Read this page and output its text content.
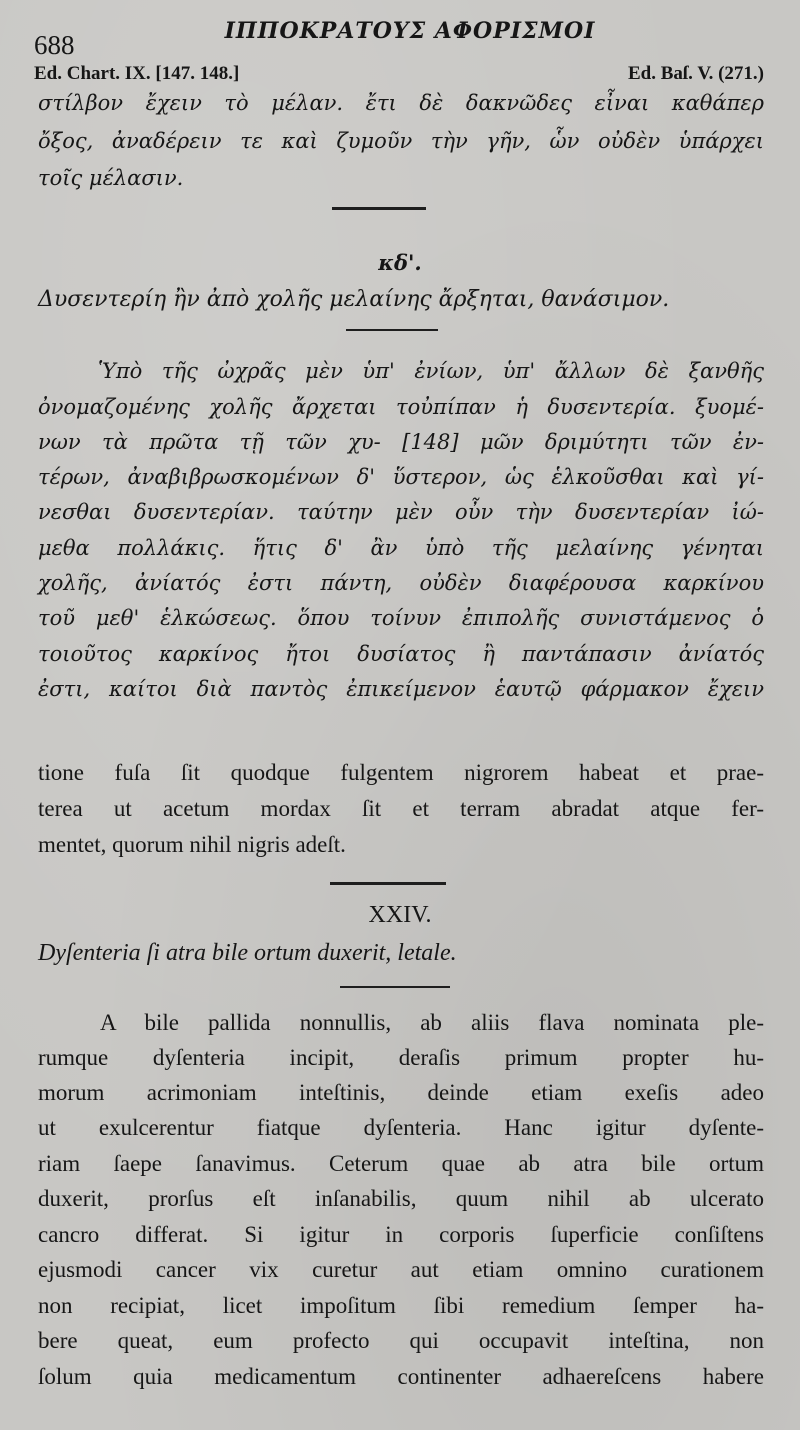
688	ΙΠΠΟΚΡΑΤΟΥΣ ΑΦΟΡΙΣΜΟΙ
Ed. Chart. IX. [147. 148.]	Ed. Baſ. V. (271.)
στίλβον ἔχειν τὸ μέλαν. ἔτι δὲ δακνῶδες εἶναι καθάπερ
ὄξος, ἀναδέρειν τε καὶ ζυμοῦν τὴν γῆν, ὧν οὐδὲν ὑπάρχει
τοῖς μέλασιν.
κδ'.
Δυσεντερίη ἢν ἀπὸ χολῆς μελαίνης ἄρξηται, θανάσιμον.
Ὑπὸ τῆς ὠχρᾶς μὲν ὑπ' ἐνίων, ὑπ' ἄλλων δὲ ξανθῆς
ὀνομαζομένης χολῆς ἄρχεται τοὐπίπαν ἡ δυσεντερία. ξυομέ-
νων τὰ πρῶτα τῇ τῶν χυ- [148] μῶν δριμύτητι τῶν ἐν-
τέρων, ἀναβιβρωσκομένων δ' ὕστερον, ὡς ἑλκοῦσθαι καὶ γί-
νεσθαι δυσεντερίαν. ταύτην μὲν οὖν τὴν δυσεντερίαν ἰώ-
μεθα πολλάκις. ἥτις δ' ἂν ὑπὸ τῆς μελαίνης γένηται
χολῆς, ἀνίατός ἐστι πάντη, οὐδὲν διαφέρουσα καρκίνου
τοῦ μεθ' ἑλκώσεως. ὅπου τοίνυν ἐπιπολῆς συνιστάμενος ὁ
τοιοῦτος καρκίνος ἤτοι δυσίατος ἢ παντάπασιν ἀνίατός
ἐστι, καίτοι διὰ παντὸς ἐπικείμενον ἑαυτῷ φάρμακον ἔχειν
tione fuſa ſit quodque fulgentem nigrorem habeat et prae-
terea ut acetum mordax ſit et terram abradat atque fer-
mentet, quorum nihil nigris adeſt.
XXIV.
Dyſenteria ſi atra bile ortum duxerit, letale.
A bile pallida nonnullis, ab aliis flava nominata ple-
rumque dyſenteria incipit, deraſis primum propter hu-
morum acrimoniam inteſtinis, deinde etiam exeſis adeo
ut exulcerentur fiatque dyſenteria. Hanc igitur dyſente-
riam ſaepe ſanavimus. Ceterum quae ab atra bile ortum
duxerit, prorſus eſt inſanabilis, quum nihil ab ulcerato
cancro differat. Si igitur in corporis ſuperficie conſiſtens
ejusmodi cancer vix curetur aut etiam omnino curationem
non recipiat, licet impoſitum ſibi remedium ſemper ha-
bere queat, eum profecto qui occupavit inteſtina, non
ſolum quia medicamentum continenter adhaereſcens habere
